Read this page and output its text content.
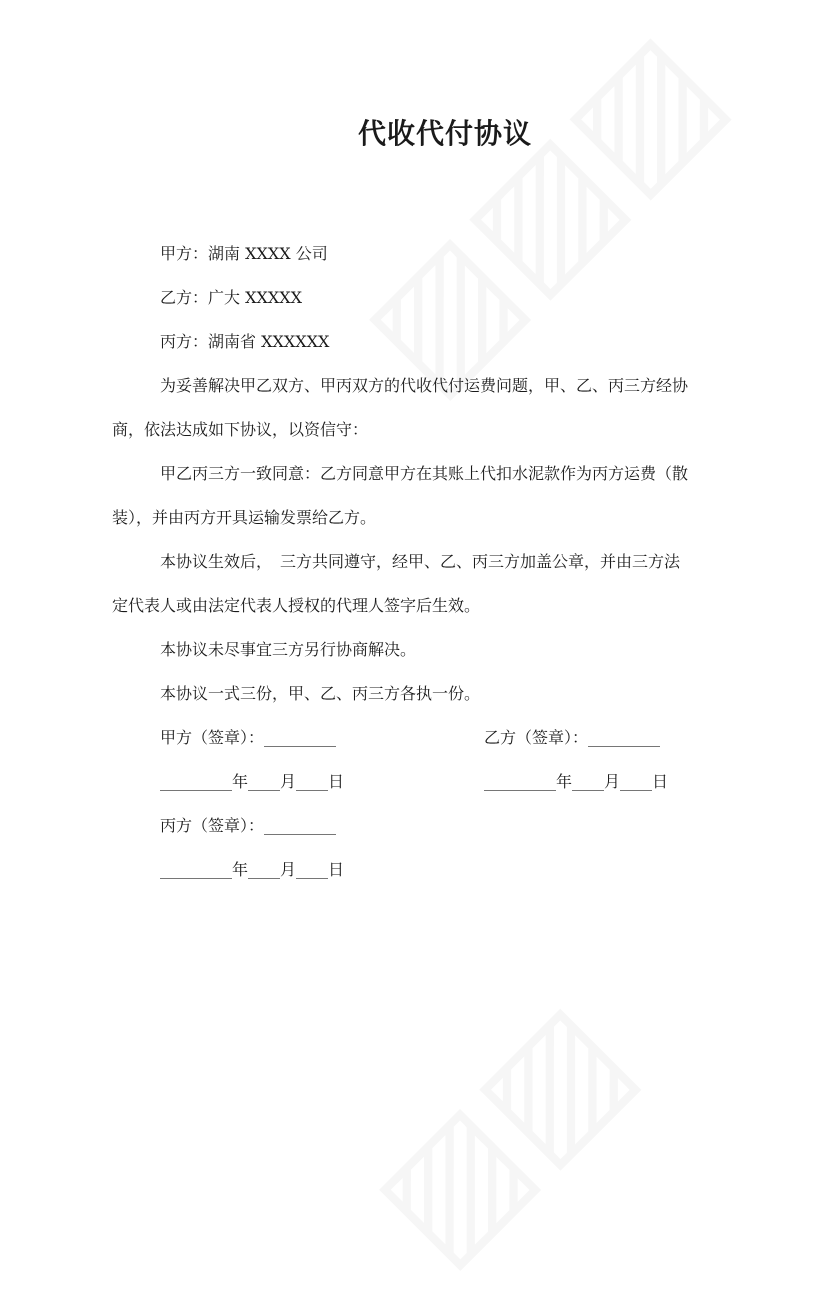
代收代付协议
甲方：湖南 XXXX 公司
乙方：广大 XXXXX
丙方：湖南省 XXXXXX
为妥善解决甲乙双方、甲丙双方的代收代付运费问题，甲、乙、丙三方经协
商，依法达成如下协议，以资信守：
甲乙丙三方一致同意：乙方同意甲方在其账上代扣水泥款作为丙方运费（散
装），并由丙方开具运输发票给乙方。
本协议生效后，　三方共同遵守，经甲、乙、丙三方加盖公章，并由三方法
定代表人或由法定代表人授权的代理人签字后生效。
本协议未尽事宜三方另行协商解决。
本协议一式三份，甲、乙、丙三方各执一份。
甲方（签章）：_________	乙方（签章）：_________
_________年____月____日	_________年____月____日
丙方（签章）：_________
_________年____月____日
